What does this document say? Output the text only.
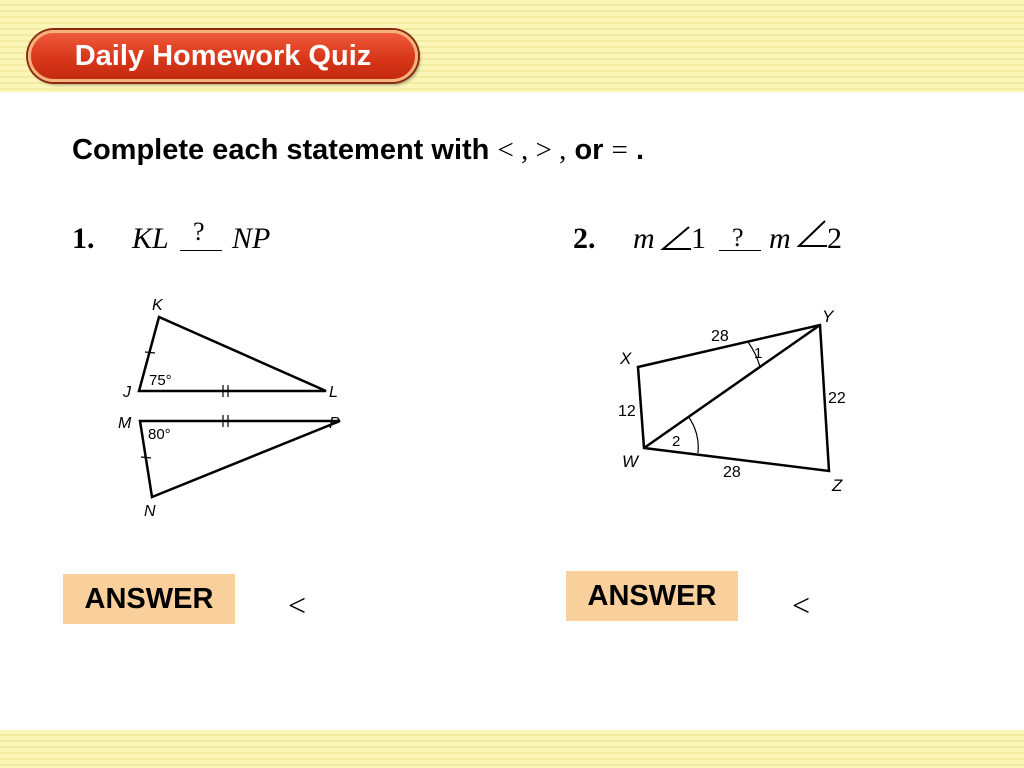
Daily Homework Quiz
Complete each statement with < , > , or = .
1. KL ? NP	2. m 1 ? m 2
K
J	L
M	P
N
75°
80°
Y
X
W
Z
28
12
22
28
1
2
ANSWER	<	ANSWER	<
